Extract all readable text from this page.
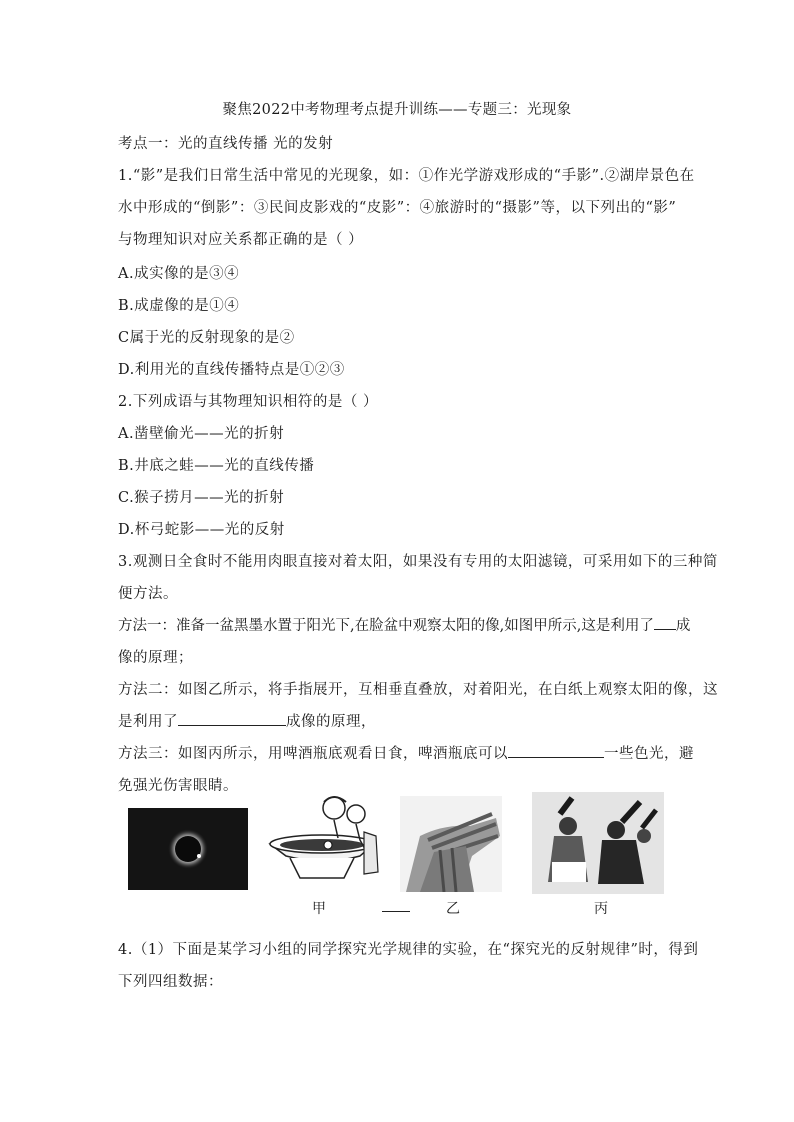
聚焦2022中考物理考点提升训练——专题三：光现象
考点一：光的直线传播 光的发射
1.“影”是我们日常生活中常见的光现象，如：①作光学游戏形成的“手影”.②湖岸景色在
水中形成的“倒影”：③民间皮影戏的“皮影”：④旅游时的“摄影”等，以下列出的“影”
与物理知识对应关系都正确的是（ ）
A.成实像的是③④
B.成虚像的是①④
C属于光的反射现象的是②
D.利用光的直线传播特点是①②③
2.下列成语与其物理知识相符的是（ ）
A.凿壁偷光——光的折射
B.井底之蛙——光的直线传播
C.猴子捞月——光的折射
D.杯弓蛇影——光的反射
3.观测日全食时不能用肉眼直接对着太阳，如果没有专用的太阳滤镜，可采用如下的三种简
便方法。
方法一：准备一盆黑墨水置于阳光下,在脸盆中观察太阳的像,如图甲所示,这是利用了 成
像的原理；
方法二：如图乙所示，将手指展开，互相垂直叠放，对着阳光，在白纸上观察太阳的像，这
是利用了	成像的原理，
方法三：如图丙所示，用啤酒瓶底观看日食，啤酒瓶底可以	一些色光，避
免强光伤害眼睛。
甲	乙	丙
4.（1）下面是某学习小组的同学探究光学规律的实验，在“探究光的反射规律”时，得到
下列四组数据：
